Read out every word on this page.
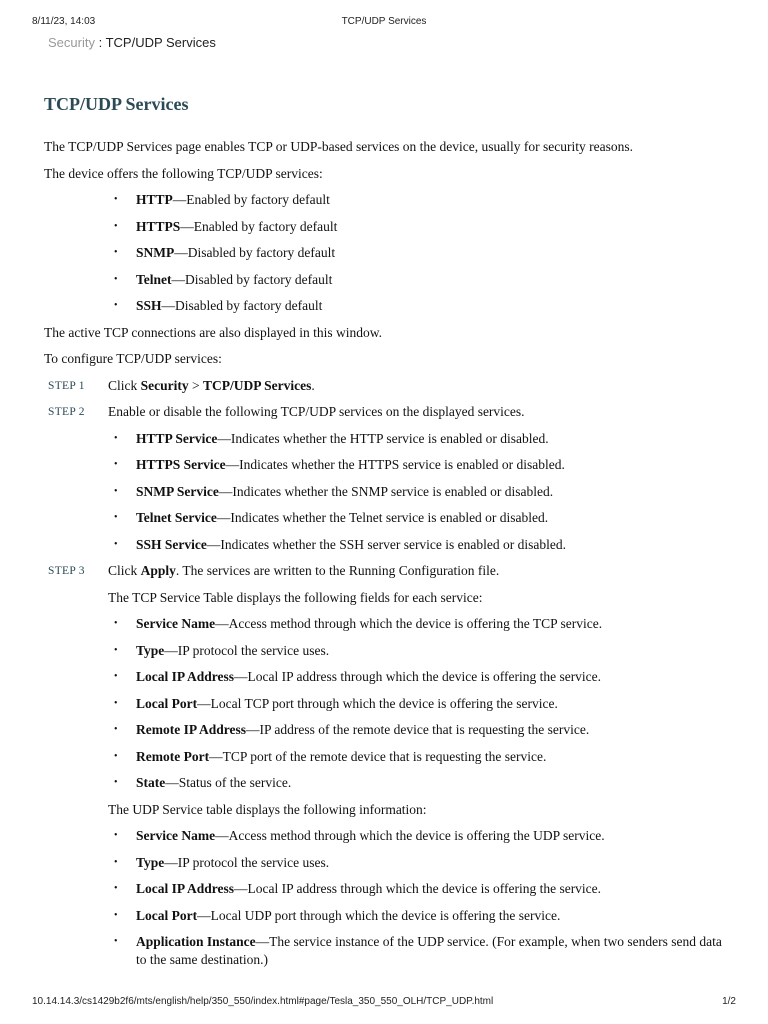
8/11/23, 14:03	TCP/UDP Services
Security : TCP/UDP Services
TCP/UDP Services

The TCP/UDP Services page enables TCP or UDP-based services on the device, usually for security reasons.

The device offers the following TCP/UDP services:

• HTTP—Enabled by factory default
• HTTPS—Enabled by factory default
• SNMP—Disabled by factory default
• Telnet—Disabled by factory default
• SSH—Disabled by factory default

The active TCP connections are also displayed in this window.

To configure TCP/UDP services:

STEP 1 Click Security > TCP/UDP Services.
STEP 2 Enable or disable the following TCP/UDP services on the displayed services.
• HTTP Service—Indicates whether the HTTP service is enabled or disabled.
• HTTPS Service—Indicates whether the HTTPS service is enabled or disabled.
• SNMP Service—Indicates whether the SNMP service is enabled or disabled.
• Telnet Service—Indicates whether the Telnet service is enabled or disabled.
• SSH Service—Indicates whether the SSH server service is enabled or disabled.
STEP 3 Click Apply. The services are written to the Running Configuration file.

The TCP Service Table displays the following fields for each service:

• Service Name—Access method through which the device is offering the TCP service.
• Type—IP protocol the service uses.
• Local IP Address—Local IP address through which the device is offering the service.
• Local Port—Local TCP port through which the device is offering the service.
• Remote IP Address—IP address of the remote device that is requesting the service.
• Remote Port—TCP port of the remote device that is requesting the service.
• State—Status of the service.

The UDP Service table displays the following information:

• Service Name—Access method through which the device is offering the UDP service.
• Type—IP protocol the service uses.
• Local IP Address—Local IP address through which the device is offering the service.
• Local Port—Local UDP port through which the device is offering the service.
• Application Instance—The service instance of the UDP service. (For example, when two senders send data to the same destination.)
10.14.14.3/cs1429b2f6/mts/english/help/350_550/index.html#page/Tesla_350_550_OLH/TCP_UDP.html	1/2
